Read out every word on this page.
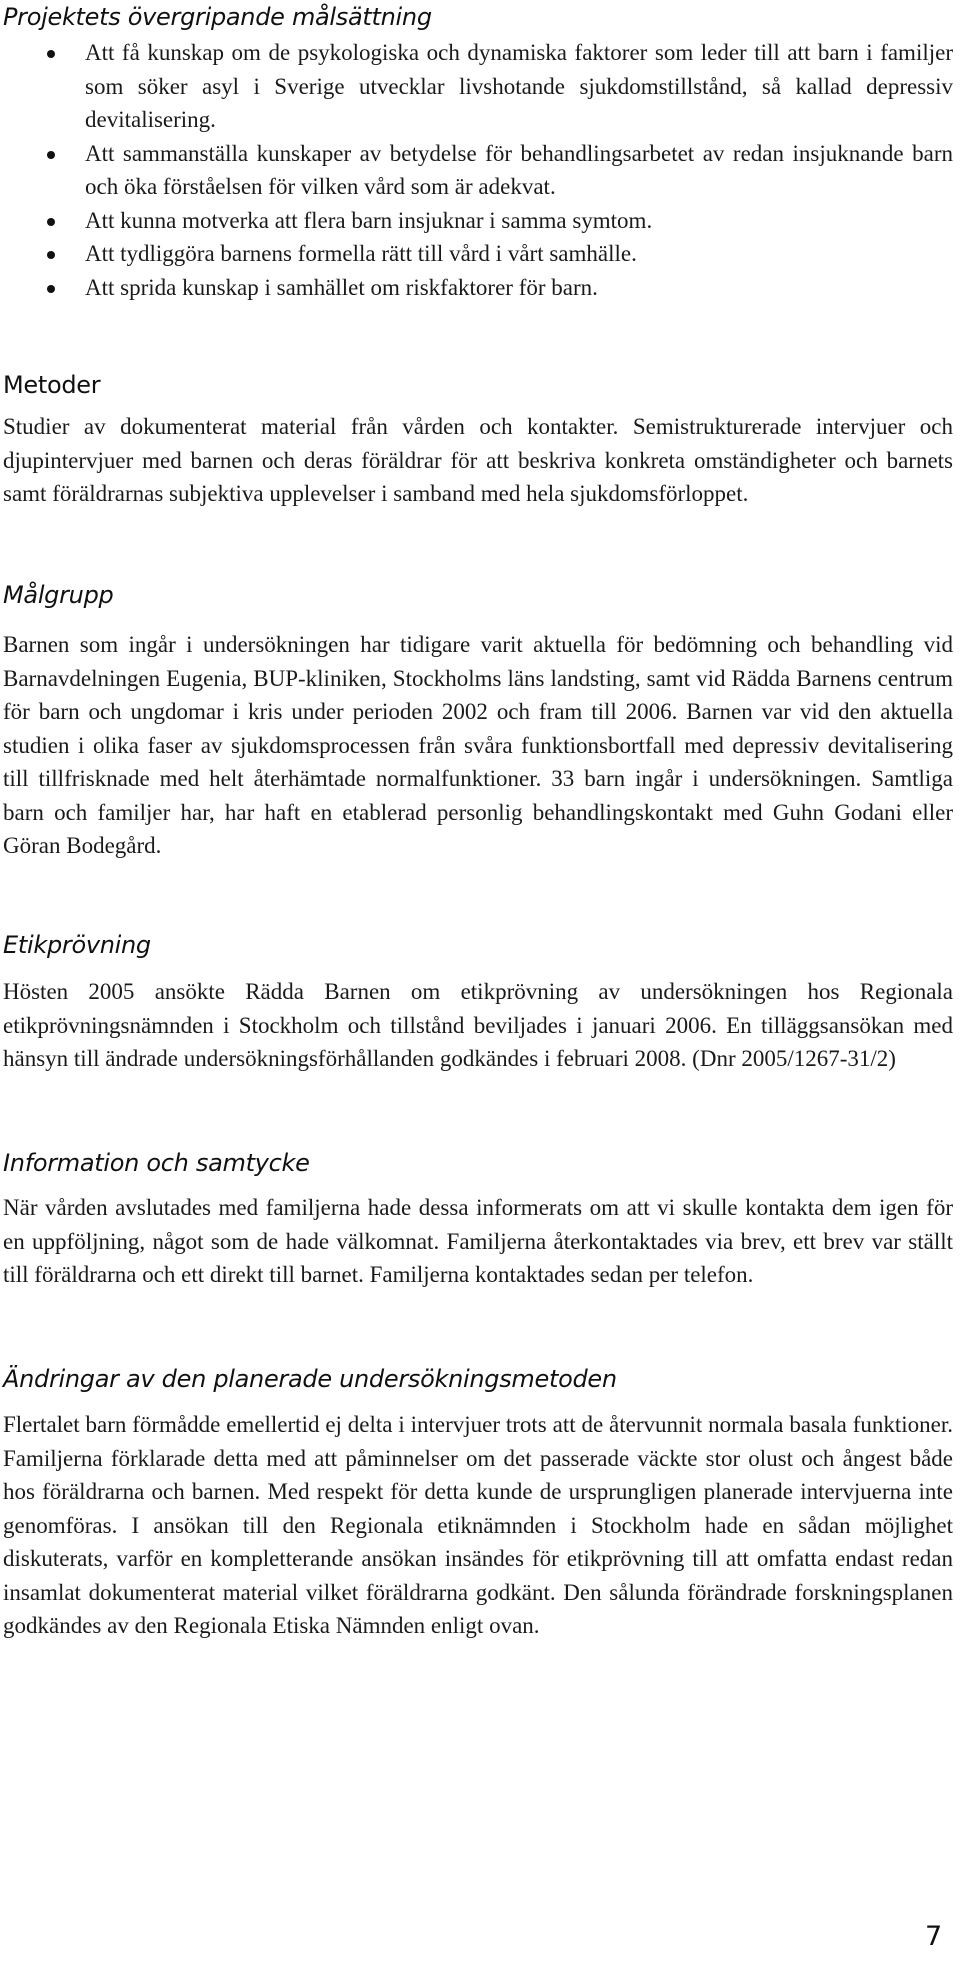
Projektets övergripande målsättning
Att få kunskap om de psykologiska och dynamiska faktorer som leder till att barn i familjer som söker asyl i Sverige utvecklar livshotande sjukdomstillstånd, så kallad depressiv devitalisering.
Att sammanställa kunskaper av betydelse för behandlingsarbetet av redan insjuknande barn och öka förståelsen för vilken vård som är adekvat.
Att kunna motverka att flera barn insjuknar i samma symtom.
Att tydliggöra barnens formella rätt till vård i vårt samhälle.
Att sprida kunskap i samhället om riskfaktorer för barn.
Metoder

Studier av dokumenterat material från vården och kontakter. Semistrukturerade intervjuer och djupintervjuer med barnen och deras föräldrar för att beskriva konkreta omständigheter och barnets samt föräldrarnas subjektiva upplevelser i samband med hela sjukdomsförloppet.

Målgrupp

Barnen som ingår i undersökningen har tidigare varit aktuella för bedömning och behandling vid Barnavdelningen Eugenia, BUP-kliniken, Stockholms läns landsting, samt vid Rädda Barnens centrum för barn och ungdomar i kris under perioden 2002 och fram till 2006. Barnen var vid den aktuella studien i olika faser av sjukdomsprocessen från svåra funktionsbortfall med depressiv devitalisering till tillfrisknade med helt återhämtade normalfunktioner. 33 barn ingår i undersökningen. Samtliga barn och familjer har, har haft en etablerad personlig behandlingskontakt med Guhn Godani eller Göran Bodegård.

Etikprövning

Hösten 2005 ansökte Rädda Barnen om etikprövning av undersökningen hos Regionala etikprövningsnämnden i Stockholm och tillstånd beviljades i januari 2006. En tilläggsansökan med hänsyn till ändrade undersökningsförhållanden godkändes i februari 2008. (Dnr 2005/1267-31/2)

Information och samtycke

När vården avslutades med familjerna hade dessa informerats om att vi skulle kontakta dem igen för en uppföljning, något som de hade välkomnat. Familjerna återkontaktades via brev, ett brev var ställt till föräldrarna och ett direkt till barnet. Familjerna kontaktades sedan per telefon.

Ändringar av den planerade undersökningsmetoden

Flertalet barn förmådde emellertid ej delta i intervjuer trots att de återvunnit normala basala funktioner. Familjerna förklarade detta med att påminnelser om det passerade väckte stor olust och ångest både hos föräldrarna och barnen. Med respekt för detta kunde de ursprungligen planerade intervjuerna inte genomföras. I ansökan till den Regionala etiknämnden i Stockholm hade en sådan möjlighet diskuterats, varför en kompletterande ansökan insändes för etikprövning till att omfatta endast redan insamlat dokumenterat material vilket föräldrarna godkänt. Den sålunda förändrade forskningsplanen godkändes av den Regionala Etiska Nämnden enligt ovan.

7
